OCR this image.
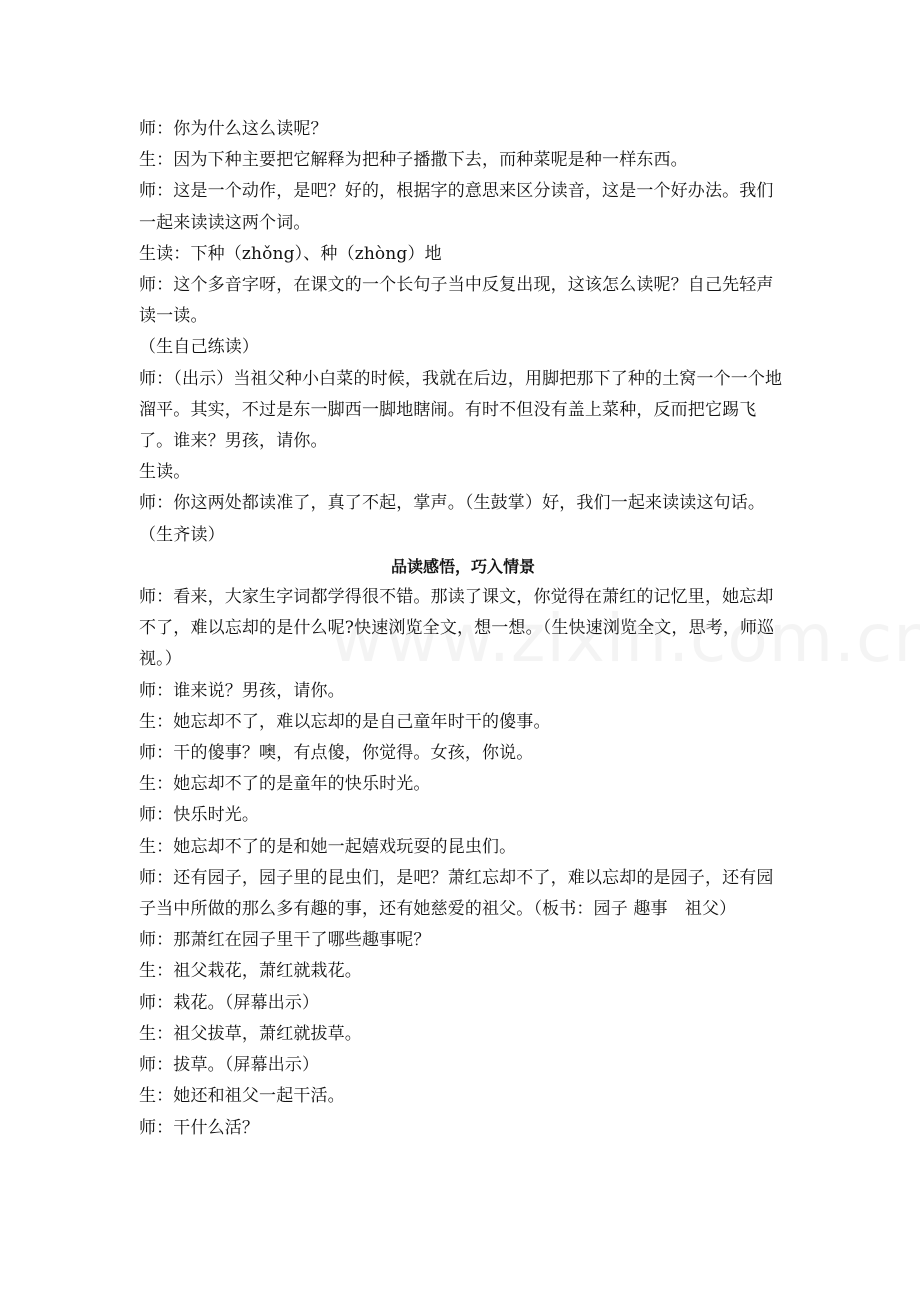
师：你为什么这么读呢？

生：因为下种主要把它解释为把种子播撒下去，而种菜呢是种一样东西。

师：这是一个动作，是吧？好的，根据字的意思来区分读音，这是一个好办法。我们一起来读读这两个词。

生读：下种（zhǒng）、种（zhòng）地

师：这个多音字呀，在课文的一个长句子当中反复出现，这该怎么读呢？自己先轻声读一读。

（生自己练读）

师：（出示）当祖父种小白菜的时候，我就在后边，用脚把那下了种的土窝一个一个地溜平。其实，不过是东一脚西一脚地瞎闹。有时不但没有盖上菜种，反而把它踢飞了。谁来？男孩，请你。

生读。

师：你这两处都读准了，真了不起，掌声。（生鼓掌）好，我们一起来读读这句话。（生齐读）

品读感悟，巧入情景

师：看来，大家生字词都学得很不错。那读了课文，你觉得在萧红的记忆里，她忘却不了，难以忘却的是什么呢?快速浏览全文，想一想。（生快速浏览全文，思考，师巡视。）

师：谁来说？男孩，请你。

生：她忘却不了，难以忘却的是自己童年时干的傻事。

师：干的傻事？噢，有点傻，你觉得。女孩，你说。

生：她忘却不了的是童年的快乐时光。

师：快乐时光。

生：她忘却不了的是和她一起嬉戏玩耍的昆虫们。

师：还有园子，园子里的昆虫们，是吧？萧红忘却不了，难以忘却的是园子，还有园子当中所做的那么多有趣的事，还有她慈爱的祖父。（板书：园子 趣事　祖父）

师：那萧红在园子里干了哪些趣事呢？

生：祖父栽花，萧红就栽花。

师：栽花。（屏幕出示）

生：祖父拔草，萧红就拔草。

师：拔草。（屏幕出示）

生：她还和祖父一起干活。

师：干什么活？
